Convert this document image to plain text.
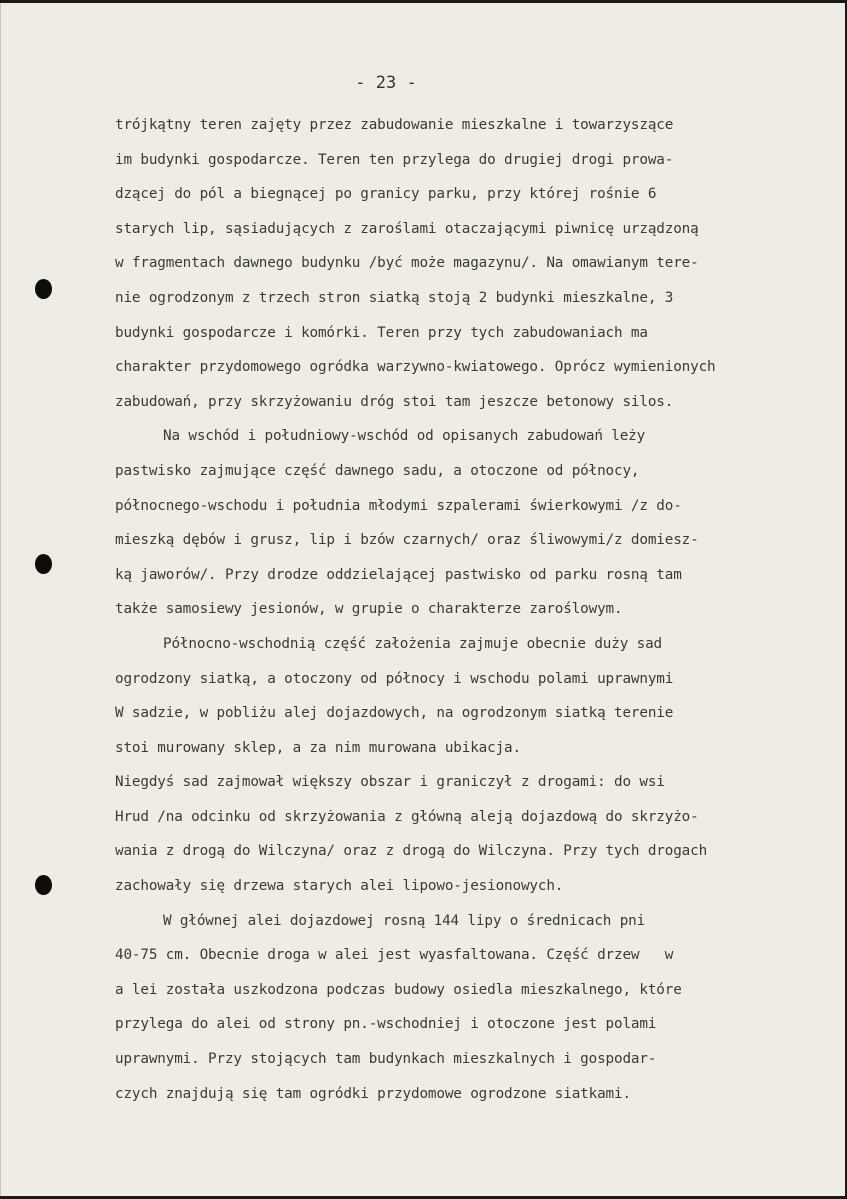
- 23 -
trójkątny teren zajęty przez zabudowanie mieszkalne i towarzyszące
im budynki gospodarcze. Teren ten przylega do drugiej drogi prowa-
dzącej do pól a biegnącej po granicy parku, przy której rośnie 6
starych lip, sąsiadujących z zaroślami otaczającymi piwnicę urządzoną
w fragmentach dawnego budynku /być może magazynu/. Na omawianym tere-
nie ogrodzonym z trzech stron siatką stoją 2 budynki mieszkalne, 3
budynki gospodarcze i komórki. Teren przy tych zabudowaniach ma
charakter przydomowego ogródka warzywno-kwiatowego. Oprócz wymienionych
zabudowań, przy skrzyżowaniu dróg stoi tam jeszcze betonowy silos.
Na wschód i południowy-wschód od opisanych zabudowań leży
pastwisko zajmujące część dawnego sadu, a otoczone od północy,
północnego-wschodu i południa młodymi szpalerami świerkowymi /z do-
mieszką dębów i grusz, lip i bzów czarnych/ oraz śliwowymi/z domiesz-
ką jaworów/. Przy drodze oddzielającej pastwisko od parku rosną tam
także samosiewy jesionów, w grupie o charakterze zaroślowym.
Północno-wschodnią część założenia zajmuje obecnie duży sad
ogrodzony siatką, a otoczony od północy i wschodu polami uprawnymi
W sadzie, w pobliżu alej dojazdowych, na ogrodzonym siatką terenie
stoi murowany sklep, a za nim murowana ubikacja.
Niegdyś sad zajmował większy obszar i graniczył z drogami: do wsi
Hrud /na odcinku od skrzyżowania z główną aleją dojazdową do skrzyżo-
wania z drogą do Wilczyna/ oraz z drogą do Wilczyna. Przy tych drogach
zachowały się drzewa starych alei lipowo-jesionowych.
W głównej alei dojazdowej rosną 144 lipy o średnicach pni
40-75 cm. Obecnie droga w alei jest wyasfaltowana. Część drzew   w
a lei została uszkodzona podczas budowy osiedla mieszkalnego, które
przylega do alei od strony pn.-wschodniej i otoczone jest polami
uprawnymi. Przy stojących tam budynkach mieszkalnych i gospodar-
czych znajdują się tam ogródki przydomowe ogrodzone siatkami.
